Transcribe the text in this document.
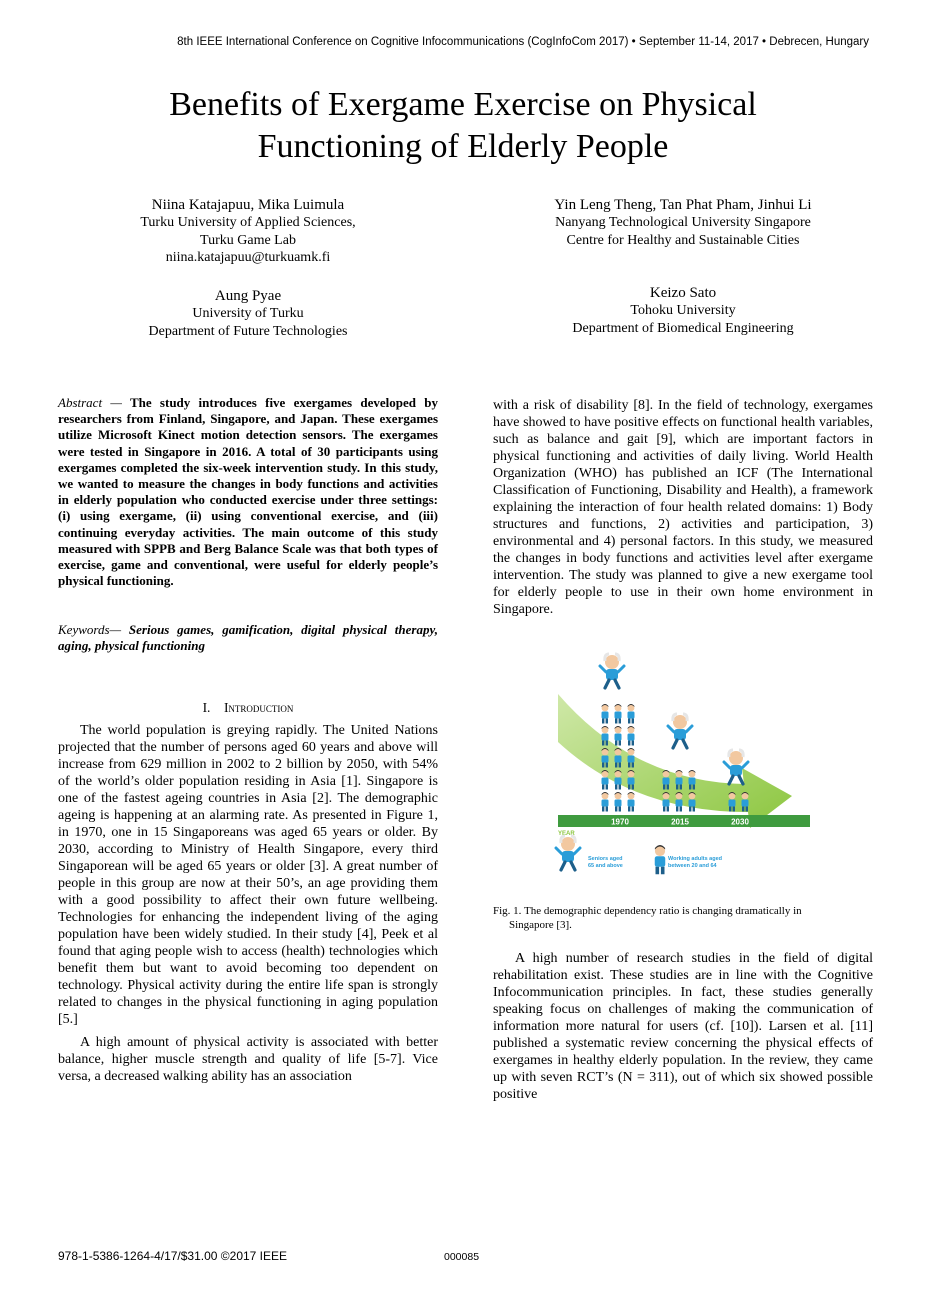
8th IEEE International Conference on Cognitive Infocommunications (CogInfoCom 2017) • September 11-14, 2017 • Debrecen, Hungary
Benefits of Exergame Exercise on Physical
Functioning of Elderly People
Niina Katajapuu, Mika Luimula
Turku University of Applied Sciences,
Turku Game Lab
niina.katajapuu@turkuamk.fi
Yin Leng Theng, Tan Phat Pham, Jinhui Li
Nanyang Technological University Singapore
Centre for Healthy and Sustainable Cities
Aung Pyae
University of Turku
Department of Future Technologies
Keizo Sato
Tohoku University
Department of Biomedical Engineering

Abstract — The study introduces five exergames developed by researchers from Finland, Singapore, and Japan. These exergames utilize Microsoft Kinect motion detection sensors. The exergames were tested in Singapore in 2016. A total of 30 participants using exergames completed the six-week intervention study. In this study, we wanted to measure the changes in body functions and activities in elderly population who conducted exercise under three settings: (i) using exergame, (ii) using conventional exercise, and (iii) continuing everyday activities. The main outcome of this study measured with SPPB and Berg Balance Scale was that both types of exercise, game and conventional, were useful for elderly people’s physical functioning.

Keywords— Serious games, gamification, digital physical therapy, aging, physical functioning

I. Introduction

The world population is greying rapidly. The United Nations projected that the number of persons aged 60 years and above will increase from 629 million in 2002 to 2 billion by 2050, with 54% of the world’s older population residing in Asia [1]. Singapore is one of the fastest ageing countries in Asia [2]. The demographic ageing is happening at an alarming rate. As presented in Figure 1, in 1970, one in 15 Singaporeans was aged 65 years or older. By 2030, according to Ministry of Health Singapore, every third Singaporean will be aged 65 years or older [3]. A great number of people in this group are now at their 50’s, an age providing them with a good possibility to affect their own future wellbeing. Technologies for enhancing the independent living of the aging population have been widely studied. In their study [4], Peek et al found that aging people wish to access (health) technologies which benefit them but want to avoid becoming too dependent on technology. Physical activity during the entire life span is strongly related to changes in the physical functioning in aging population [5.]

A high amount of physical activity is associated with better balance, higher muscle strength and quality of life [5-7]. Vice versa, a decreased walking ability has an association

with a risk of disability [8]. In the field of technology, exergames have showed to have positive effects on functional health variables, such as balance and gait [9], which are important factors in physical functioning and activities of daily living. World Health Organization (WHO) has published an ICF (The International Classification of Functioning, Disability and Health), a framework explaining the interaction of four health related domains: 1) Body structures and functions, 2) activities and participation, 3) environmental and 4) personal factors. In this study, we measured the changes in body functions and activities level after exergame intervention. The study was planned to give a new exergame tool for elderly people to use in their own home environment in Singapore.

1970	2015	2030
YEAR
Seniors aged
65 and above
Working adults aged
between 20 and 64
Fig. 1. The demographic dependency ratio is changing dramatically in
Singapore [3].

A high number of research studies in the field of digital rehabilitation exist. These studies are in line with the Cognitive Infocommunication principles. In fact, these studies generally speaking focus on challenges of making the communication of information more natural for users (cf. [10]). Larsen et al. [11] published a systematic review concerning the physical effects of exergames in healthy elderly population. In the review, they came up with seven RCT’s (N = 311), out of which six showed possible positive

978-1-5386-1264-4/17/$31.00 ©2017 IEEE	000085
